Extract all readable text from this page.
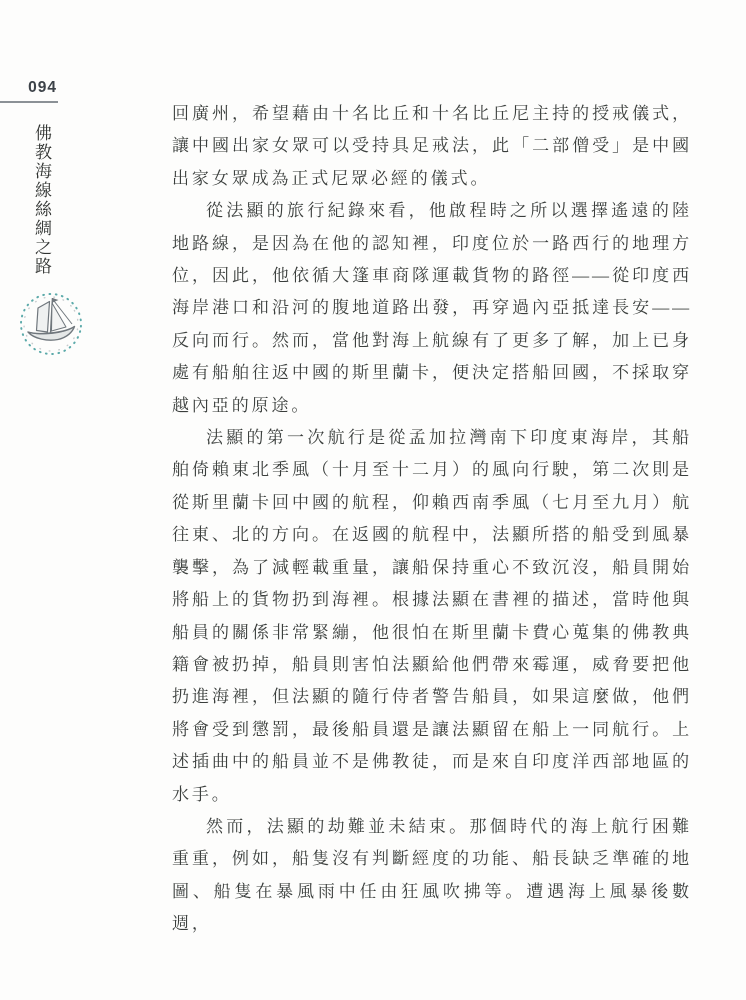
094
佛教海線絲綢之路

回廣州，希望藉由十名比丘和十名比丘尼主持的授戒儀式，讓中國出家女眾可以受持具足戒法，此「二部僧受」是中國出家女眾成為正式尼眾必經的儀式。

從法顯的旅行紀錄來看，他啟程時之所以選擇遙遠的陸地路線，是因為在他的認知裡，印度位於一路西行的地理方位，因此，他依循大篷車商隊運載貨物的路徑——從印度西海岸港口和沿河的腹地道路出發，再穿過內亞抵達長安——反向而行。然而，當他對海上航線有了更多了解，加上已身處有船舶往返中國的斯里蘭卡，便決定搭船回國，不採取穿越內亞的原途。

法顯的第一次航行是從孟加拉灣南下印度東海岸，其船舶倚賴東北季風（十月至十二月）的風向行駛，第二次則是從斯里蘭卡回中國的航程，仰賴西南季風（七月至九月）航往東、北的方向。在返國的航程中，法顯所搭的船受到風暴襲擊，為了減輕載重量，讓船保持重心不致沉沒，船員開始將船上的貨物扔到海裡。根據法顯在書裡的描述，當時他與船員的關係非常緊繃，他很怕在斯里蘭卡費心蒐集的佛教典籍會被扔掉，船員則害怕法顯給他們帶來霉運，威脅要把他扔進海裡，但法顯的隨行侍者警告船員，如果這麼做，他們將會受到懲罰，最後船員還是讓法顯留在船上一同航行。上述插曲中的船員並不是佛教徒，而是來自印度洋西部地區的水手。

然而，法顯的劫難並未結束。那個時代的海上航行困難重重，例如，船隻沒有判斷經度的功能、船長缺乏準確的地圖、船隻在暴風雨中任由狂風吹拂等。遭遇海上風暴後數週，
